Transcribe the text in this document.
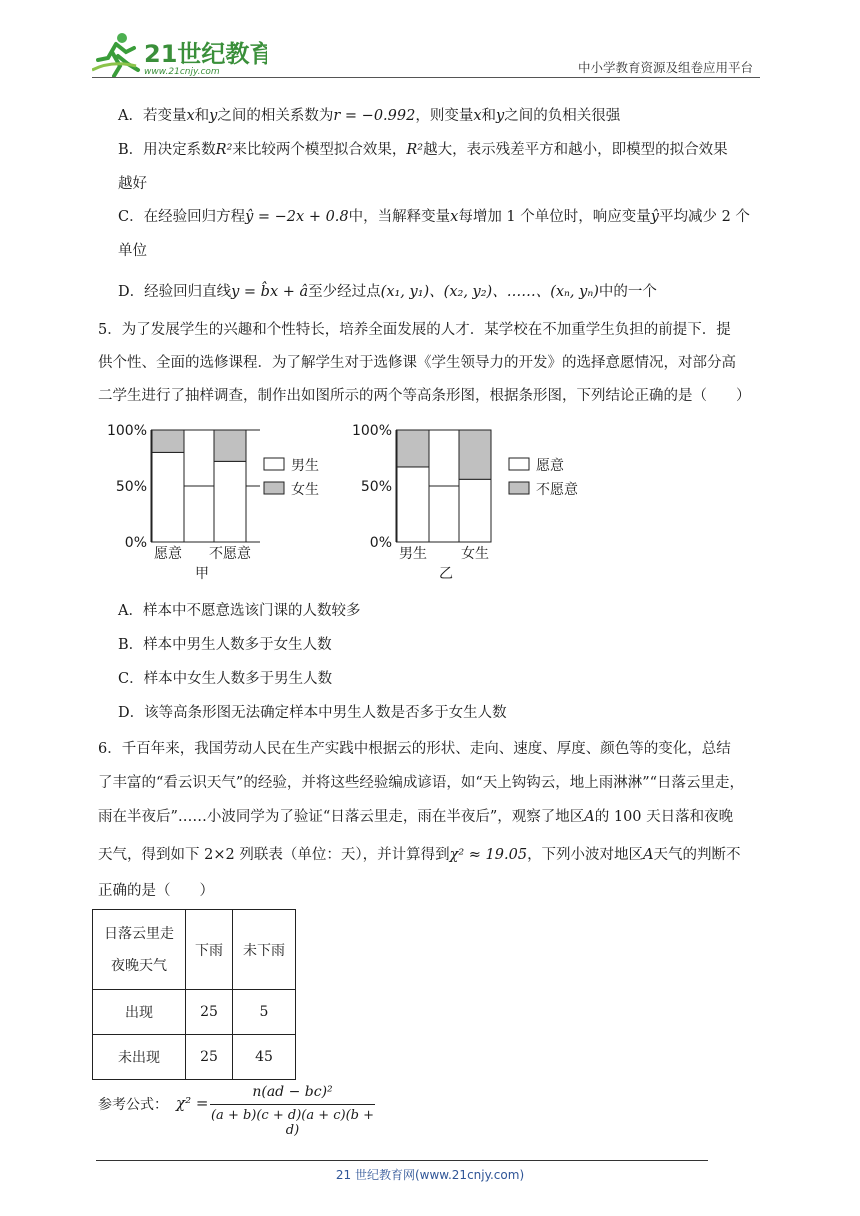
21世纪教育
www.21cnjy.com	中小学教育资源及组卷应用平台
A．若变量x和y之间的相关系数为r = −0.992，则变量x和y之间的负相关很强
B．用决定系数R²来比较两个模型拟合效果，R²越大，表示残差平方和越小，即模型的拟合效果
越好
C．在经验回归方程ŷ = −2x + 0.8中，当解释变量x每增加 1 个单位时，响应变量ŷ平均减少 2 个
单位
D．经验回归直线y = b̂x + â至少经过点(x₁, y₁)、(x₂, y₂)、……、(xₙ, yₙ)中的一个
5．为了发展学生的兴趣和个性特长，培养全面发展的人才．某学校在不加重学生负担的前提下．提
供个性、全面的选修课程．为了解学生对于选修课《学生领导力的开发》的选择意愿情况，对部分高
二学生进行了抽样调查，制作出如图所示的两个等高条形图，根据条形图，下列结论正确的是（　　）
0%
50%
100%
愿意 不愿意
男生
女生
甲
0%
50%
100%
男生 女生
愿意
不愿意
乙
A．样本中不愿意选该门课的人数较多
B．样本中男生人数多于女生人数
C．样本中女生人数多于男生人数
D．该等高条形图无法确定样本中男生人数是否多于女生人数
6．千百年来，我国劳动人民在生产实践中根据云的形状、走向、速度、厚度、颜色等的变化，总结
了丰富的“看云识天气”的经验，并将这些经验编成谚语，如“天上钩钩云，地上雨淋淋”“日落云里走，
雨在半夜后”……小波同学为了验证“日落云里走，雨在半夜后”，观察了地区A的 100 天日落和夜晚
天气，得到如下 2×2 列联表（单位：天），并计算得到χ² ≈ 19.05，下列小波对地区A天气的判断不
正确的是（　　）
日落云里走
夜晚天气	下雨	未下雨
出现	25	5
未出现	25	45
参考公式： χ² =
n(ad − bc)²
(a + b)(c + d)(a + c)(b + d)
21 世纪教育网(www.21cnjy.com)
